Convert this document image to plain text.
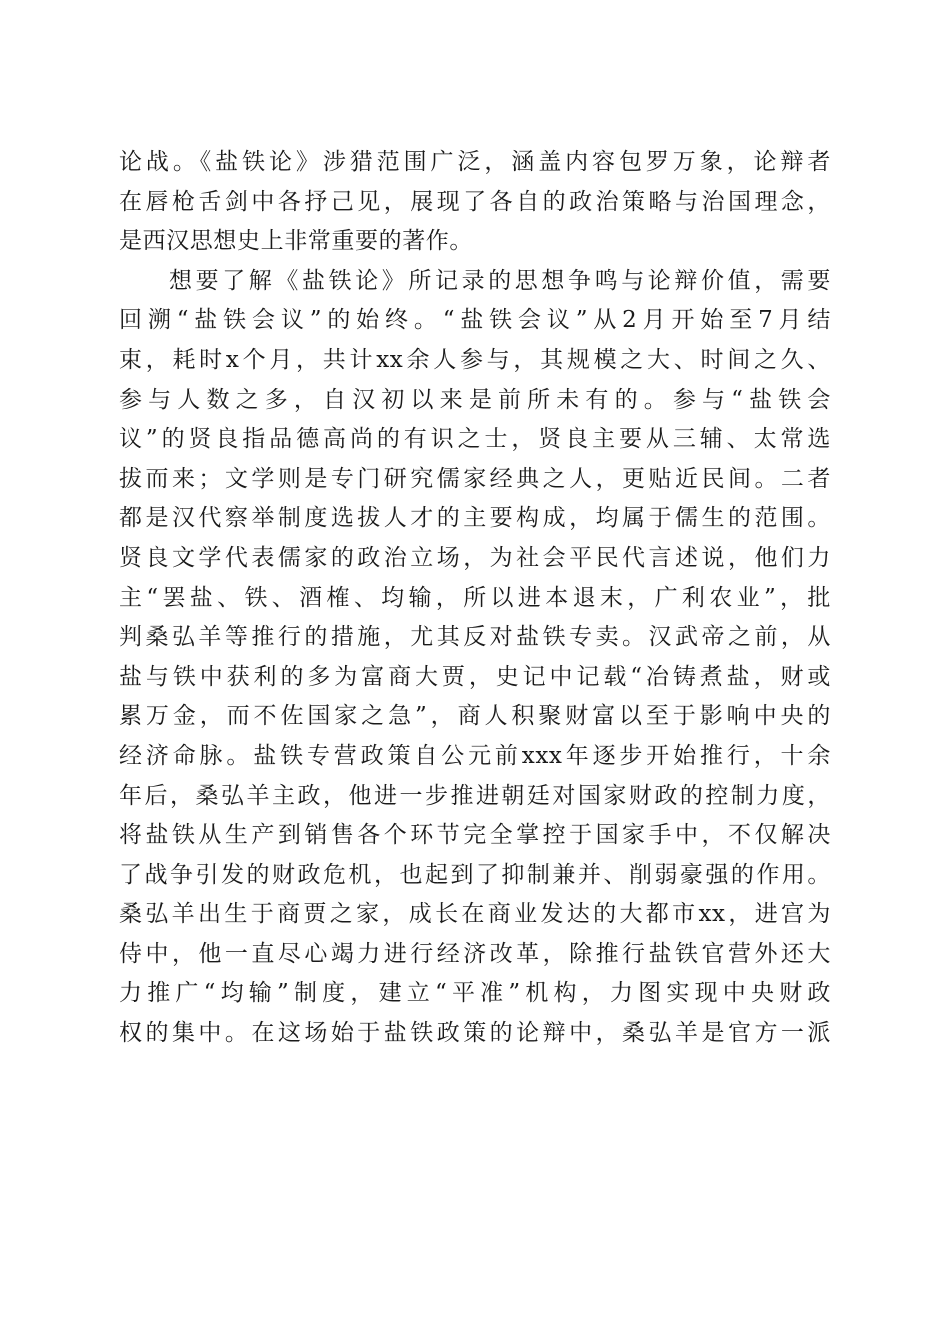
论战。《盐铁论》涉猎范围广泛，涵盖内容包罗万象，论辩者
在唇枪舌剑中各抒己见，展现了各自的政治策略与治国理念，
是西汉思想史上非常重要的著作。
想要了解《盐铁论》所记录的思想争鸣与论辩价值，需要
回溯“盐铁会议”的始终。“盐铁会议”从2月开始至7月结
束，耗时x个月，共计xx余人参与，其规模之大、时间之久、
参与人数之多，自汉初以来是前所未有的。参与“盐铁会
议”的贤良指品德高尚的有识之士，贤良主要从三辅、太常选
拔而来；文学则是专门研究儒家经典之人，更贴近民间。二者
都是汉代察举制度选拔人才的主要构成，均属于儒生的范围。
贤良文学代表儒家的政治立场，为社会平民代言述说，他们力
主“罢盐、铁、酒榷、均输，所以进本退末，广利农业”，批
判桑弘羊等推行的措施，尤其反对盐铁专卖。汉武帝之前，从
盐与铁中获利的多为富商大贾，史记中记载“冶铸煮盐，财或
累万金，而不佐国家之急”，商人积聚财富以至于影响中央的
经济命脉。盐铁专营政策自公元前xxx年逐步开始推行，十余
年后，桑弘羊主政，他进一步推进朝廷对国家财政的控制力度，
将盐铁从生产到销售各个环节完全掌控于国家手中，不仅解决
了战争引发的财政危机，也起到了抑制兼并、削弱豪强的作用。
桑弘羊出生于商贾之家，成长在商业发达的大都市xx，进宫为
侍中，他一直尽心竭力进行经济改革，除推行盐铁官营外还大
力推广“均输”制度，建立“平准”机构，力图实现中央财政
权的集中。在这场始于盐铁政策的论辩中，桑弘羊是官方一派
